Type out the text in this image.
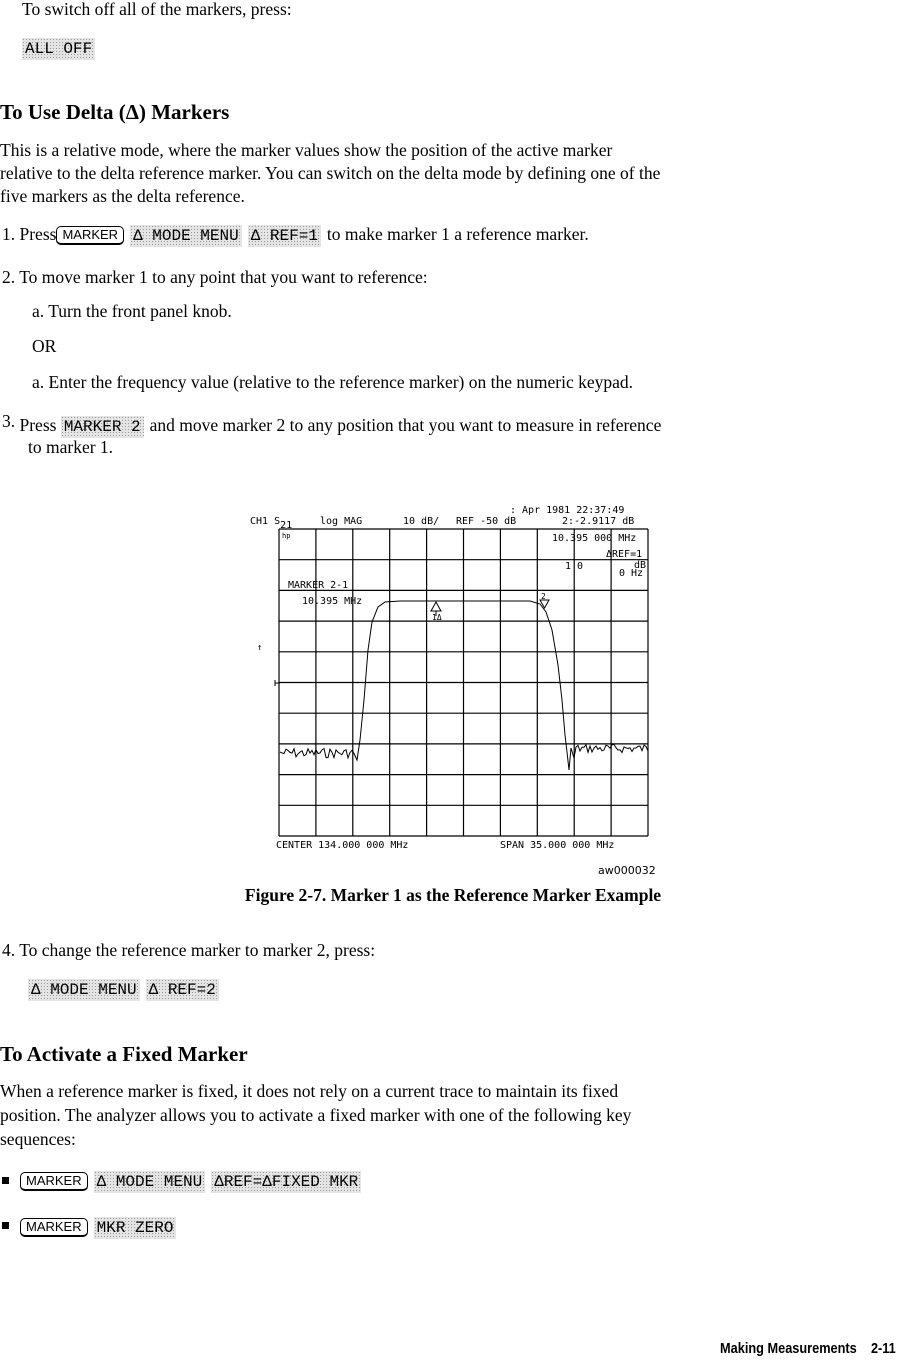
To switch off all of the markers, press:
ALL OFF
To Use Delta (Δ) Markers
This is a relative mode, where the marker values show the position of the active marker
relative to the delta reference marker. You can switch on the delta mode by defining one of the
five markers as the delta reference.
1. Press MARKER Δ MODE MENU Δ REF=1 to make marker 1 a reference marker.
2. To move marker 1 to any point that you want to reference:
a. Turn the front panel knob.
OR
a. Enter the frequency value (relative to the reference marker) on the numeric keypad.
3. Press MARKER 2 and move marker 2 to any position that you want to measure in reference
to marker 1.
: Apr 1981 22:37:49
CH1 S21	log MAG	10 dB/ REF -50 dB	2:-2.9117 dB
hp	10.395 000 MHz
ΔREF=1
1 0	dB
0 Hz
MARKER 2-1
10.395 MHz
1Δ
2
↑
CENTER 134.000 000 MHz	SPAN 35.000 000 MHz
aw000032
Figure 2-7. Marker 1 as the Reference Marker Example
4. To change the reference marker to marker 2, press:
Δ MODE MENU Δ REF=2
To Activate a Fixed Marker
When a reference marker is fixed, it does not rely on a current trace to maintain its fixed
position. The analyzer allows you to activate a fixed marker with one of the following key
sequences:
MARKER Δ MODE MENU ΔREF=ΔFIXED MKR
MARKER MKR ZERO
Making Measurements 2-11
